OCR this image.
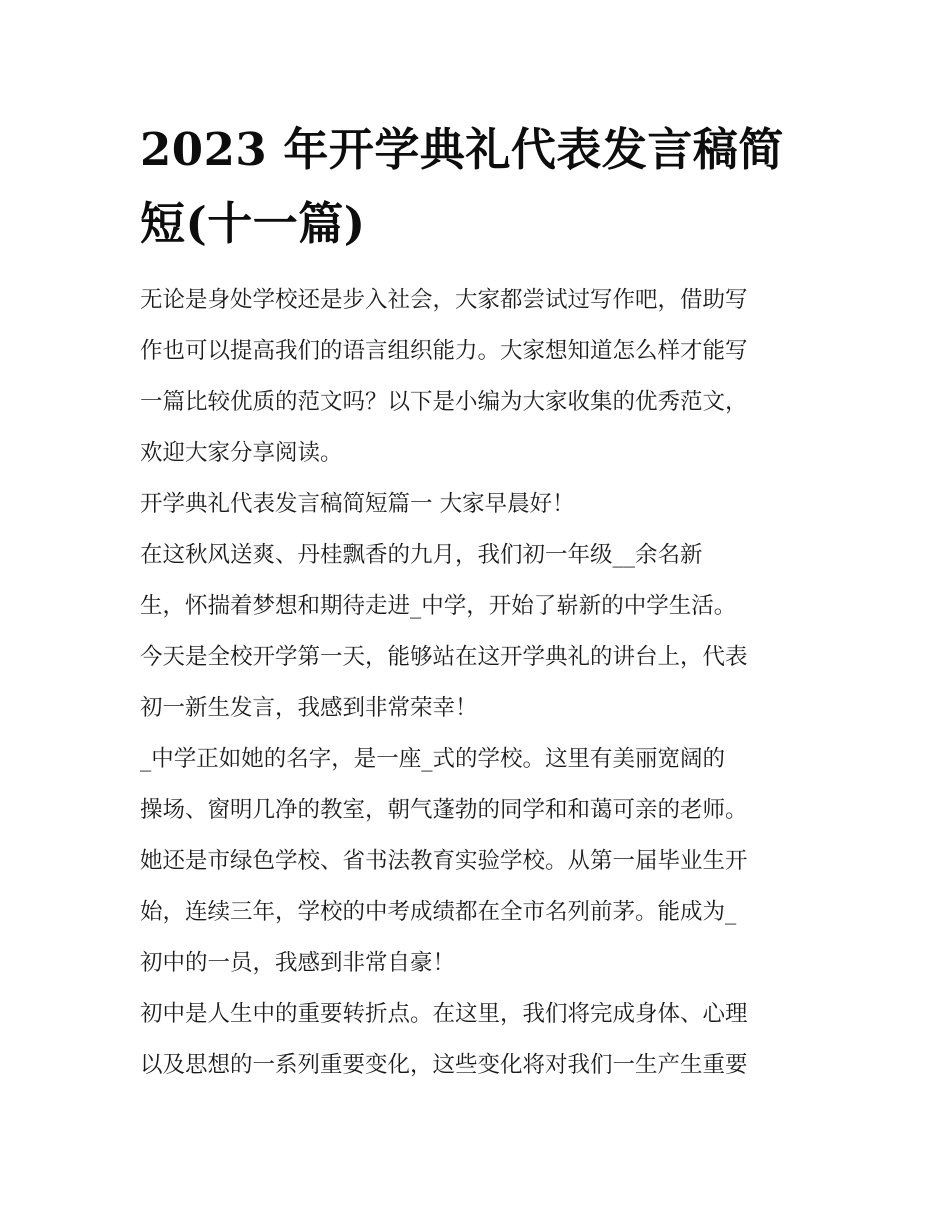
2023 年开学典礼代表发言稿简
短(十一篇)

无论是身处学校还是步入社会，大家都尝试过写作吧，借助写
作也可以提高我们的语言组织能力。大家想知道怎么样才能写
一篇比较优质的范文吗？以下是小编为大家收集的优秀范文，
欢迎大家分享阅读。

开学典礼代表发言稿简短篇一 大家早晨好！

在这秋风送爽、丹桂飘香的九月，我们初一年级__余名新
生，怀揣着梦想和期待走进_中学，开始了崭新的中学生活。
今天是全校开学第一天，能够站在这开学典礼的讲台上，代表
初一新生发言，我感到非常荣幸！

_中学正如她的名字，是一座_式的学校。这里有美丽宽阔的
操场、窗明几净的教室，朝气蓬勃的同学和和蔼可亲的老师。
她还是市绿色学校、省书法教育实验学校。从第一届毕业生开
始，连续三年，学校的中考成绩都在全市名列前茅。能成为_
初中的一员，我感到非常自豪！

初中是人生中的重要转折点。在这里，我们将完成身体、心理
以及思想的一系列重要变化，这些变化将对我们一生产生重要
